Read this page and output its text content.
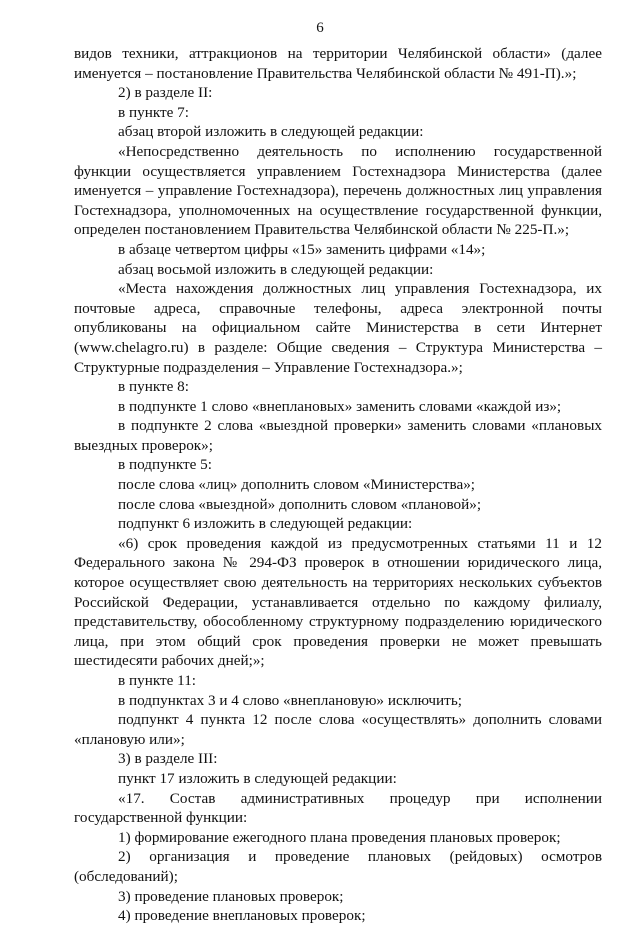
6

видов техники, аттракционов на территории Челябинской области» (далее именуется – постановление Правительства Челябинской области № 491-П).»;

2) в разделе II:

в пункте 7:

абзац второй изложить в следующей редакции:

«Непосредственно деятельность по исполнению государственной функции осуществляется управлением Гостехнадзора Министерства (далее именуется – управление Гостехнадзора), перечень должностных лиц управления Гостехнадзора, уполномоченных на осуществление государственной функции, определен постановлением Правительства Челябинской области № 225-П.»;

в абзаце четвертом цифры «15» заменить цифрами «14»;

абзац восьмой изложить в следующей редакции:

«Места нахождения должностных лиц управления Гостехнадзора, их почтовые адреса, справочные телефоны, адреса электронной почты опубликованы на официальном сайте Министерства в сети Интернет (www.chelagro.ru) в разделе: Общие сведения – Структура Министерства – Структурные подразделения – Управление Гостехнадзора.»;

в пункте 8:

в подпункте 1 слово «внеплановых» заменить словами «каждой из»;

в подпункте 2 слова «выездной проверки» заменить словами «плановых выездных проверок»;

в подпункте 5:

после слова «лиц» дополнить словом «Министерства»;

после слова «выездной» дополнить словом «плановой»;

подпункт 6 изложить в следующей редакции:

«6) срок проведения каждой из предусмотренных статьями 11 и 12 Федерального закона № 294-ФЗ проверок в отношении юридического лица, которое осуществляет свою деятельность на территориях нескольких субъектов Российской Федерации, устанавливается отдельно по каждому филиалу, представительству, обособленному структурному подразделению юридического лица, при этом общий срок проведения проверки не может превышать шестидесяти рабочих дней;»;

в пункте 11:

в подпунктах 3 и 4 слово «внеплановую» исключить;

подпункт 4 пункта 12 после слова «осуществлять» дополнить словами «плановую или»;

3) в разделе III:

пункт 17 изложить в следующей редакции:

«17. Состав административных процедур при исполнении государственной функции:

1) формирование ежегодного плана проведения плановых проверок;

2) организация и проведение плановых (рейдовых) осмотров (обследований);

3) проведение плановых проверок;

4) проведение внеплановых проверок;
